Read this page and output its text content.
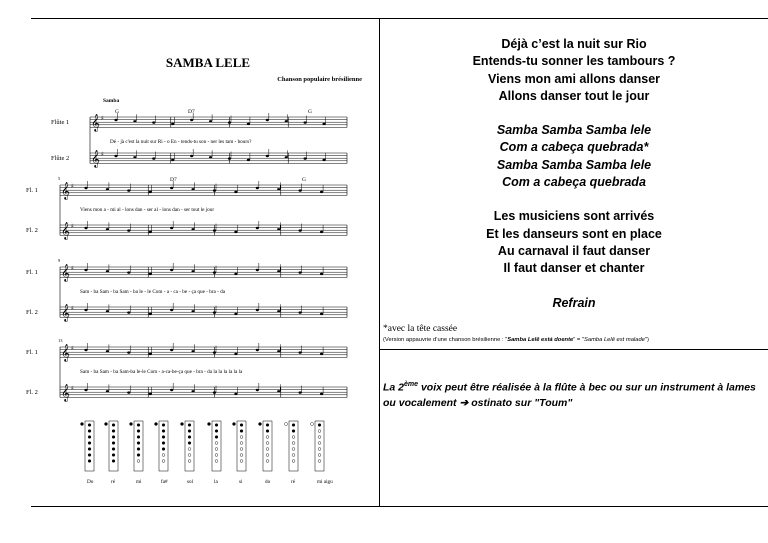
SAMBA LELE
Chanson populaire brésilienne
Samba
Flûte 1 𝄞 ♯
Flûte 2 𝄞 ♯
Dé - jà c'est la nuit sur Ri - o En - tends-tu son - ner les tam - bours?
G	D7	G
Fl. 1 𝄞 ♯
Fl. 2 𝄞 ♯
Viens mon a - mi al - lons dan - ser al - lons dan - ser tout le jour
5	D7	G
Fl. 1 𝄞 ♯
Fl. 2 𝄞 ♯
Sam - ba Sam - ba Sam - ba le - le Com - a - ca - be - ça que - bra - da
9
Fl. 1 𝄞 ♯
Fl. 2 𝄞 ♯
Sam - ba Sam - ba Sam-ba le-le Com - a-ca-be-ça que - bra - da la la la la la la
13
Do	ré	mi	fa#	sol	la	si	do	ré	mi aigu
Déjà c’est la nuit sur Rio
Entends-tu sonner les tambours ?
Viens mon ami allons danser
Allons danser tout le jour
Samba Samba Samba lele
Com a cabeça quebrada*
Samba Samba Samba lele
Com a cabeça quebrada
Les musiciens sont arrivés
Et les danseurs sont en place
Au carnaval il faut danser
Il faut danser et chanter
Refrain
*avec la tête cassée
(Version appauvrie d’une chanson brésilienne : "Samba Lelê está doente" = "Samba Lelê est malade")
La 2ème voix peut être réalisée à la flûte à bec ou sur un instrument à lames ou vocalement ➔ ostinato sur "Toum"
